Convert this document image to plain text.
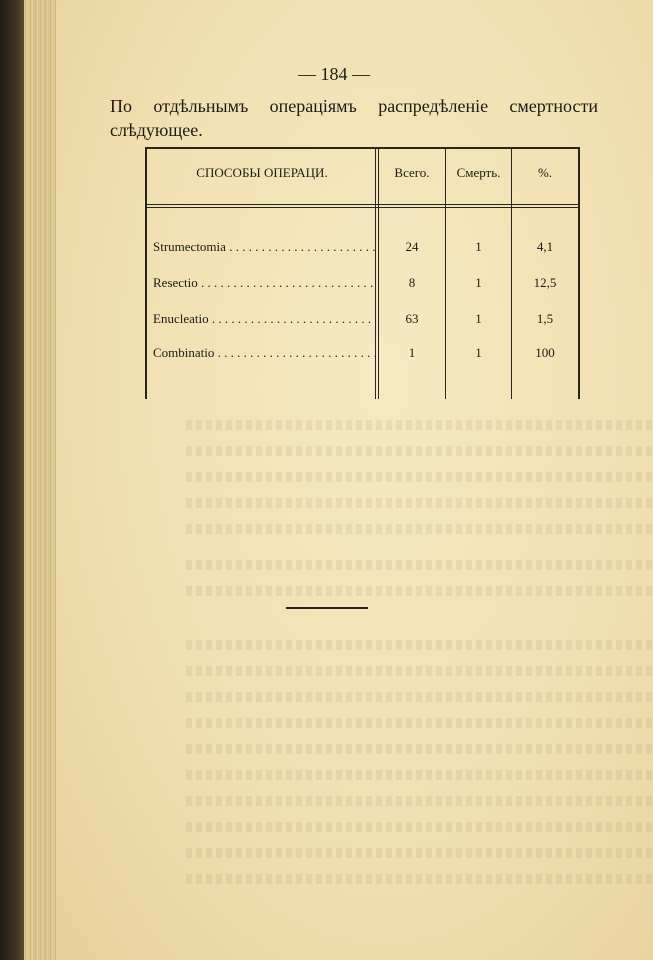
— 184 —
По отдѣльнымъ операціямъ распредѣленіе смертности слѣдующее.
СПОСОБЫ ОПЕРАЦИ.	Всего.	Смерть.	%.
Strumectomia . . .	24	1	4,1
Resectio . . .	8	1	12,5
Enucleatio . . .	63	1	1,5
Combinatio . . .	1	1	100
